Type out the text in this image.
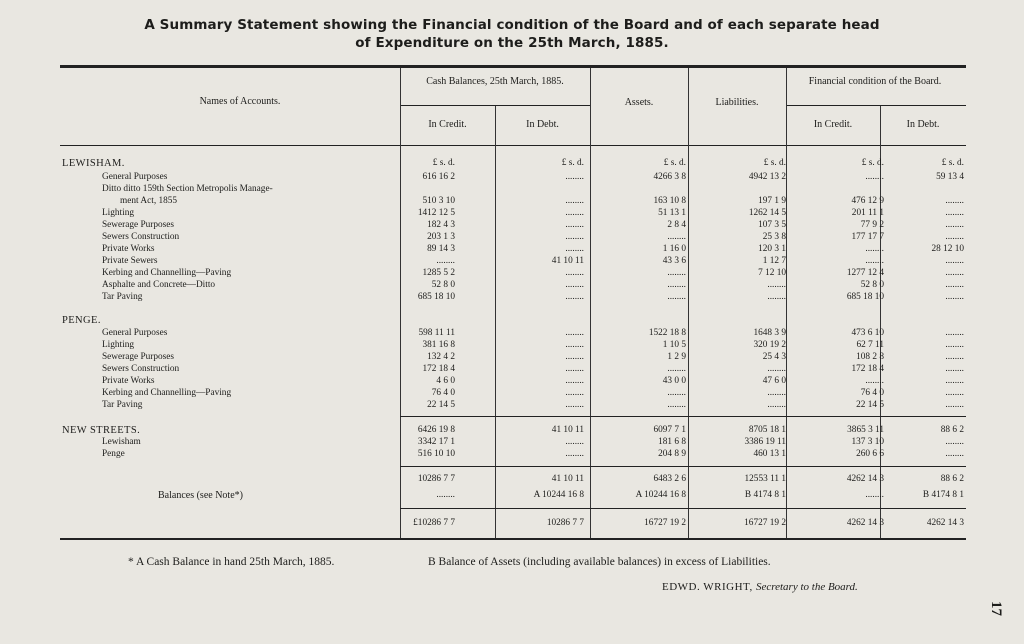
A Summary Statement showing the Financial condition of the Board and of each separate head
of Expenditure on the 25th March, 1885.
Names of Accounts.
Cash Balances, 25th March, 1885.
In Credit.	In Debt.
Assets.	Liabilities.
Financial condition of the Board.
In Credit.	In Debt.
LEWISHAM.	£ s. d.	£ s. d.	£ s. d.	£ s. d.	£ s. d.	£ s. d.
General Purposes	616 16 2	........	4266 3 8	4942 13 2	........	59 13 4
Ditto ditto 159th Section Metropolis Manage-
ment Act, 1855	510 3 10	........	163 10 8	197 1 9	476 12 9	........
Lighting	1412 12 5	........	51 13 1	1262 14 5	201 11 1	........
Sewerage Purposes	182 4 3	........	2 8 4	107 3 5	77 9 2	........
Sewers Construction	203 1 3	........	........	25 3 8	177 17 7	........
Private Works	89 14 3	........	1 16 0	120 3 1	........	28 12 10
Private Sewers	........	41 10 11	43 3 6	1 12 7	........	........
Kerbing and Channelling—Paving	1285 5 2	........	........	7 12 10	1277 12 4	........
Asphalte and Concrete—Ditto	52 8 0	........	........	........	52 8 0	........
Tar Paving	685 18 10	........	........	........	685 18 10	........
PENGE.
General Purposes	598 11 11	........	1522 18 8	1648 3 9	473 6 10	........
Lighting	381 16 8	........	1 10 5	320 19 2	62 7 11	........
Sewerage Purposes	132 4 2	........	1 2 9	25 4 3	108 2 8	........
Sewers Construction	172 18 4	........	........	........	172 18 4	........
Private Works	4 6 0	........	43 0 0	47 6 0	........	........
Kerbing and Channelling—Paving	76 4 0	........	........	........	76 4 0	........
Tar Paving	22 14 5	........	........	........	22 14 5	........
NEW STREETS.	6426 19 8	41 10 11	6097 7 1	8705 18 1	3865 3 11	88 6 2
Lewisham	3342 17 1	........	181 6 8	3386 19 11	137 3 10	........
Penge	516 10 10	........	204 8 9	460 13 1	260 6 6	........
10286 7 7	41 10 11	6483 2 6	12553 11 1	4262 14 3	88 6 2
Balances (see Note*)	........	A 10244 16 8	A 10244 16 8	B 4174 8 1	........	B 4174 8 1
£10286 7 7	10286 7 7	16727 19 2	16727 19 2	4262 14 3	4262 14 3
* A Cash Balance in hand 25th March, 1885.	B Balance of Assets (including available balances) in excess of Liabilities.
EDWD. WRIGHT, Secretary to the Board.
17
